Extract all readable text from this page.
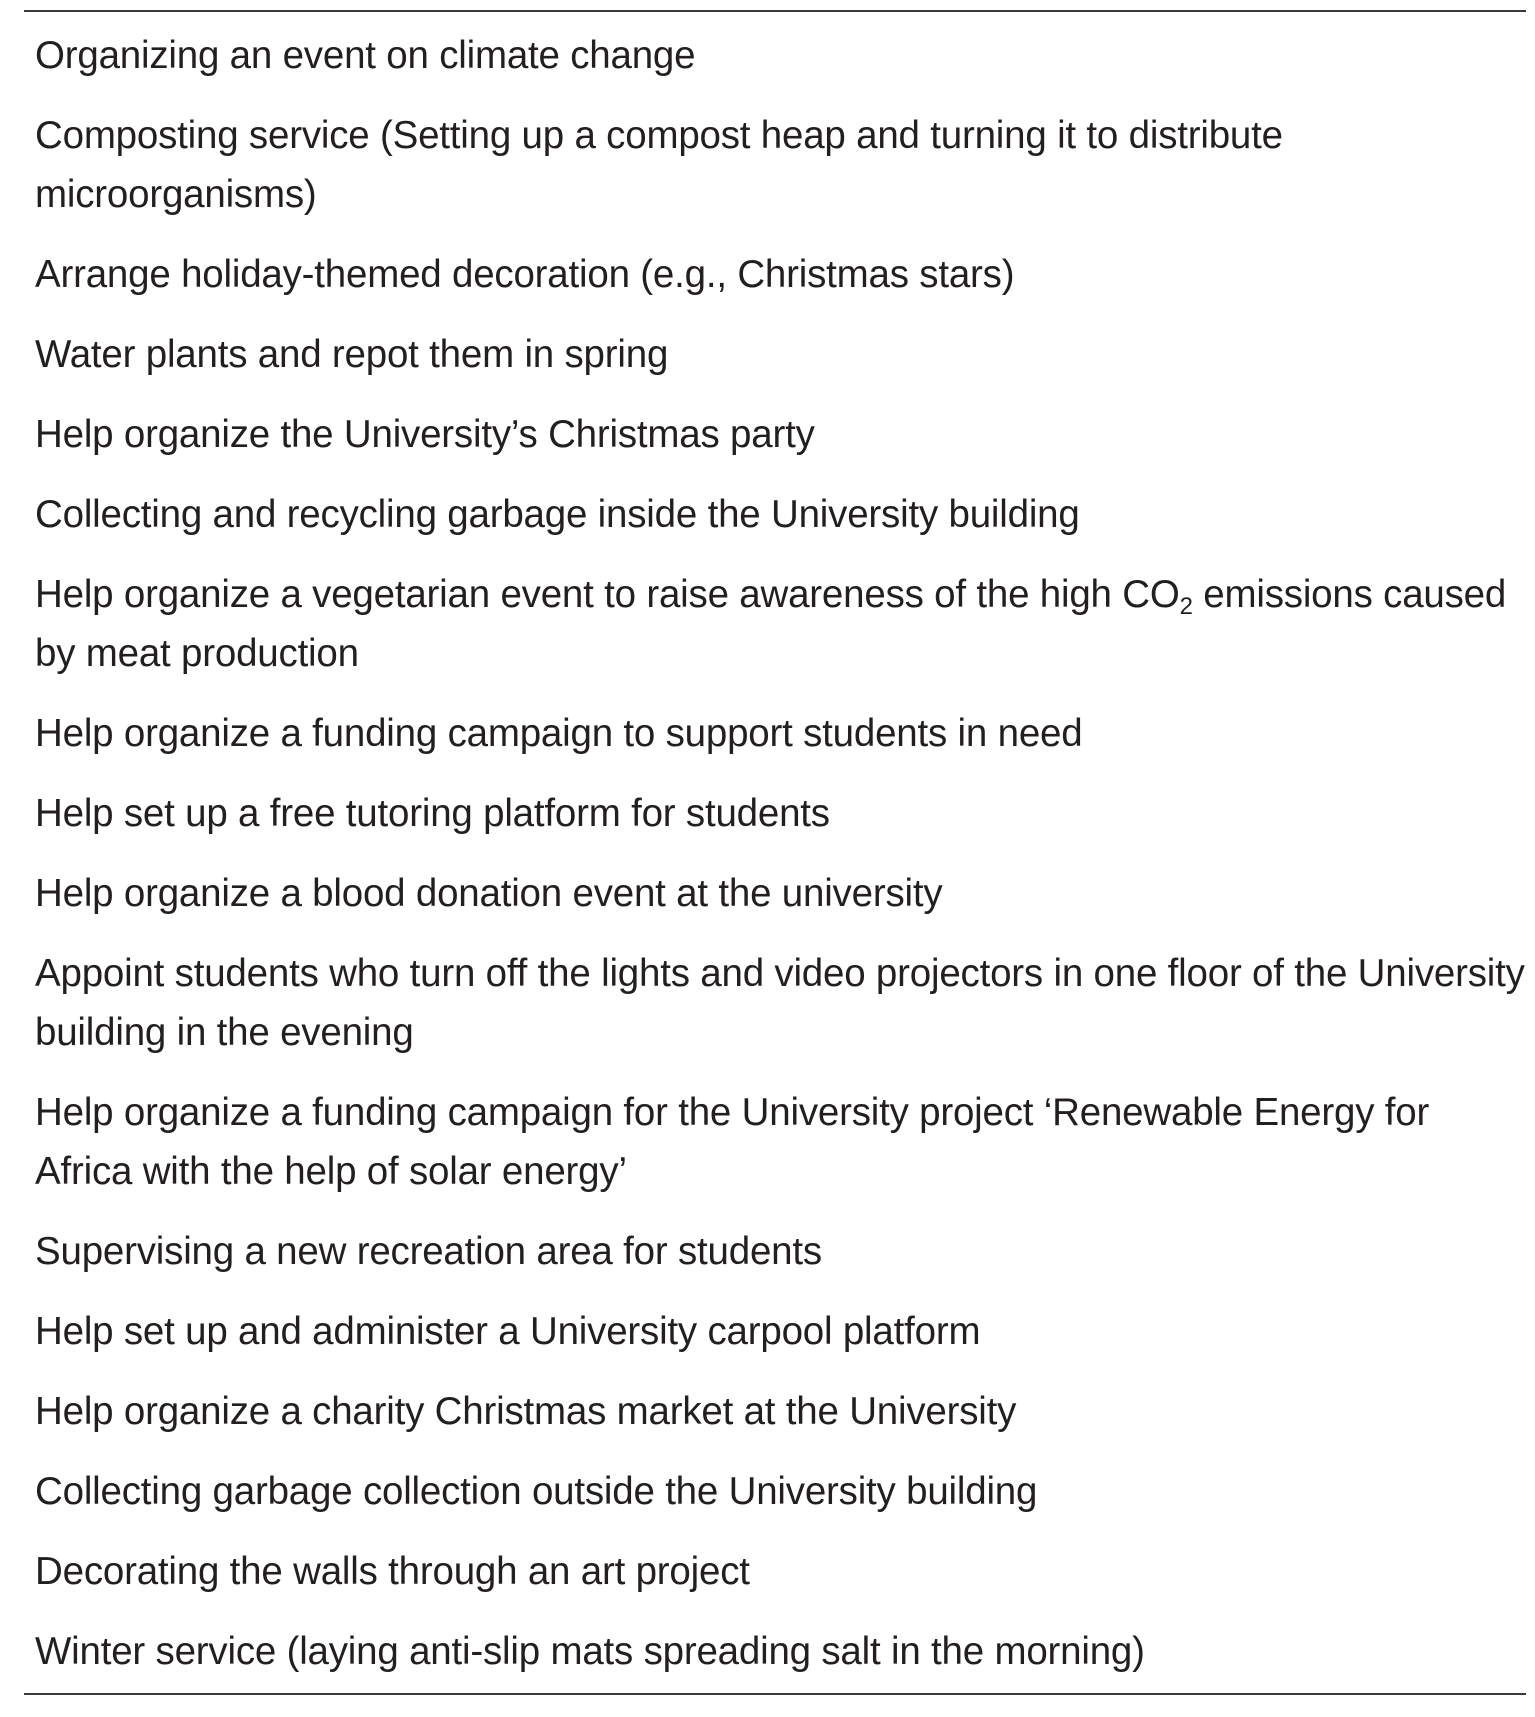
Organizing an event on climate change
Composting service (Setting up a compost heap and turning it to distribute microorganisms)
Arrange holiday-themed decoration (e.g., Christmas stars)
Water plants and repot them in spring
Help organize the University’s Christmas party
Collecting and recycling garbage inside the University building
Help organize a vegetarian event to raise awareness of the high $CO_2$ emissions caused by meat production
Help organize a funding campaign to support students in need
Help set up a free tutoring platform for students
Help organize a blood donation event at the university
Appoint students who turn off the lights and video projectors in one floor of the University building in the evening
Help organize a funding campaign for the University project ‘Renewable Energy for Africa with the help of solar energy’
Supervising a new recreation area for students
Help set up and administer a University carpool platform
Help organize a charity Christmas market at the University
Collecting garbage collection outside the University building
Decorating the walls through an art project
Winter service (laying anti-slip mats spreading salt in the morning)
